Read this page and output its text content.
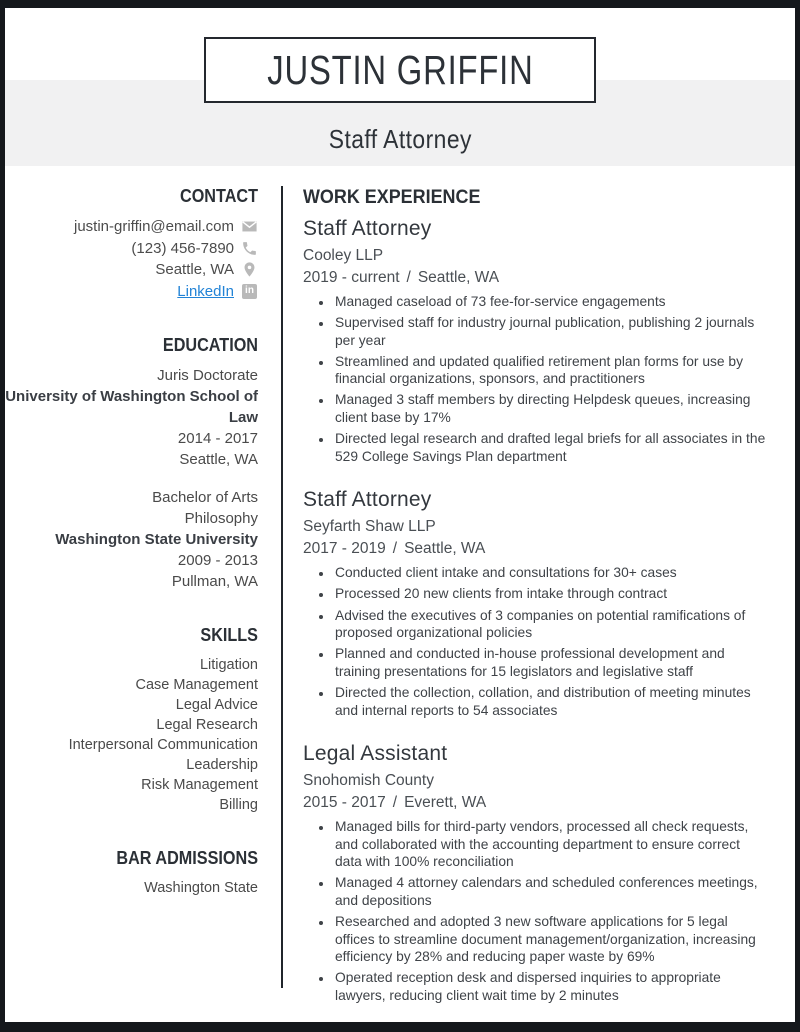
JUSTIN GRIFFIN
Staff Attorney
CONTACT
justin-griffin@email.com
(123) 456-7890
Seattle, WA
LinkedIn	in
EDUCATION
Juris Doctorate
University of Washington School of Law
2014 - 2017
Seattle, WA
Bachelor of Arts
Philosophy
Washington State University
2009 - 2013
Pullman, WA
SKILLS
Litigation
Case Management
Legal Advice
Legal Research
Interpersonal Communication
Leadership
Risk Management
Billing
BAR ADMISSIONS
Washington State
WORK EXPERIENCE
Staff Attorney
Cooley LLP
2019 - current / Seattle, WA
• Managed caseload of 73 fee-for-service engagements
• Supervised staff for industry journal publication, publishing 2 journals per year
• Streamlined and updated qualified retirement plan forms for use by financial organizations, sponsors, and practitioners
• Managed 3 staff members by directing Helpdesk queues, increasing client base by 17%
• Directed legal research and drafted legal briefs for all associates in the 529 College Savings Plan department
Staff Attorney
Seyfarth Shaw LLP
2017 - 2019 / Seattle, WA
• Conducted client intake and consultations for 30+ cases
• Processed 20 new clients from intake through contract
• Advised the executives of 3 companies on potential ramifications of proposed organizational policies
• Planned and conducted in-house professional development and training presentations for 15 legislators and legislative staff
• Directed the collection, collation, and distribution of meeting minutes and internal reports to 54 associates
Legal Assistant
Snohomish County
2015 - 2017 / Everett, WA
• Managed bills for third-party vendors, processed all check requests, and collaborated with the accounting department to ensure correct data with 100% reconciliation
• Managed 4 attorney calendars and scheduled conferences meetings, and depositions
• Researched and adopted 3 new software applications for 5 legal offices to streamline document management/organization, increasing efficiency by 28% and reducing paper waste by 69%
• Operated reception desk and dispersed inquiries to appropriate lawyers, reducing client wait time by 2 minutes
